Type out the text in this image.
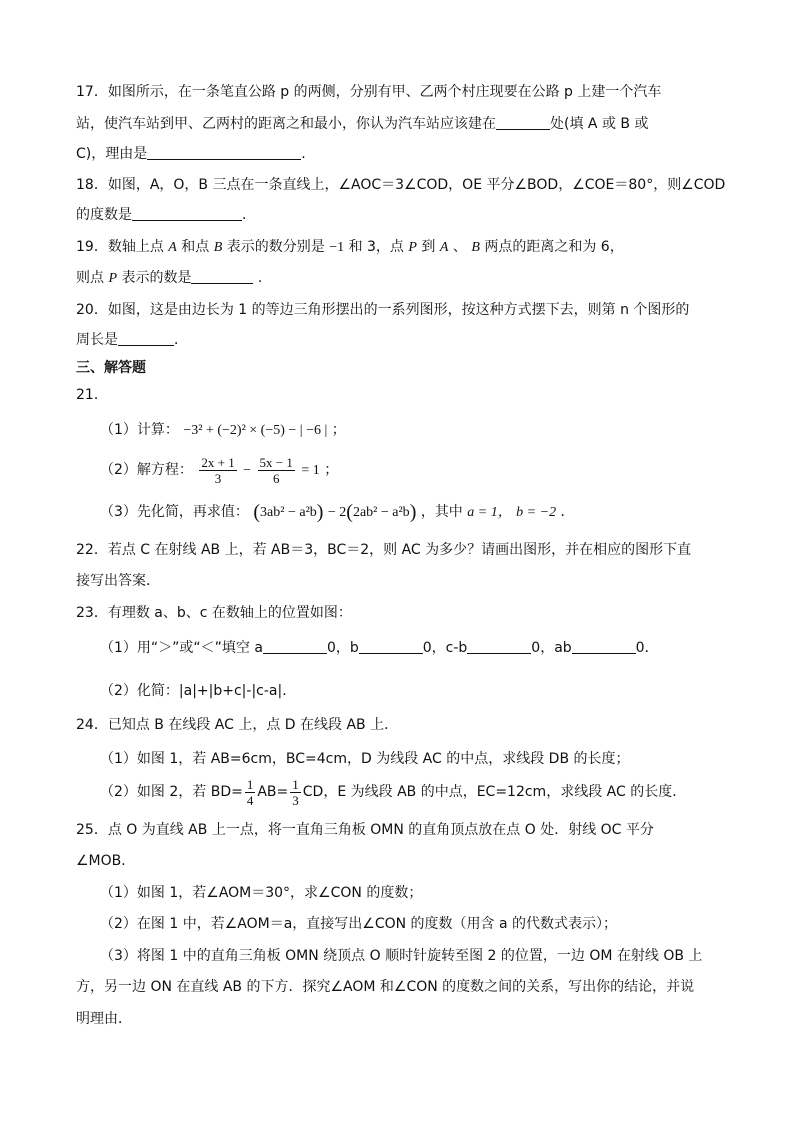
17．如图所示，在一条笔直公路 p 的两侧，分别有甲、乙两个村庄现要在公路 p 上建一个汽车
站，使汽车站到甲、乙两村的距离之和最小，你认为汽车站应该建在	处(填 A 或 B 或
C)，理由是	.
18．如图，A，O，B 三点在一条直线上，∠AOC＝3∠COD，OE 平分∠BOD，∠COE＝80°，则∠COD
的度数是	．
19．数轴上点 A 和点 B 表示的数分别是 −1 和 3，点 P 到 A 、 B 两点的距离之和为 6，
则点 P 表示的数是	.
20．如图，这是由边长为 1 的等边三角形摆出的一系列图形，按这种方式摆下去，则第 n 个图形的
周长是	．
三、解答题
21．
（1）计算： −3² + (−2)² × (−5) − | −6 | ；
（2）解方程： $\frac{2x + 1}{3} - \frac{5x - 1}{6} = 1$ ；
（3）先化简，再求值： (3ab² − a²b) − 2(2ab² − a²b) ，其中 a = 1， b = −2 ．
22．若点 C 在射线 AB 上，若 AB＝3，BC＝2，则 AC 为多少？请画出图形，并在相应的图形下直
接写出答案．
23．有理数 a、b、c 在数轴上的位置如图：
（1）用“＞”或“＜”填空 a	0，b	0，c-b	0，ab	0．
（2）化简：|a|+|b+c|-|c-a|．
24．已知点 B 在线段 AC 上，点 D 在线段 AB 上．
（1）如图 1，若 AB=6cm，BC=4cm，D 为线段 AC 的中点，求线段 DB 的长度；
（2）如图 2，若 $BD= \frac{1}{4} AB= \frac{1}{3}$ CD，E 为线段 AB 的中点，EC=12cm，求线段 AC 的长度．
25．点 O 为直线 AB 上一点，将一直角三角板 OMN 的直角顶点放在点 O 处．射线 OC 平分
∠MOB．
（1）如图 1，若∠AOM＝30°，求∠CON 的度数；
（2）在图 1 中，若∠AOM＝a，直接写出∠CON 的度数（用含 a 的代数式表示）；
（3）将图 1 中的直角三角板 OMN 绕顶点 O 顺时针旋转至图 2 的位置，一边 OM 在射线 OB 上
方，另一边 ON 在直线 AB 的下方．探究∠AOM 和∠CON 的度数之间的关系，写出你的结论，并说
明理由．
